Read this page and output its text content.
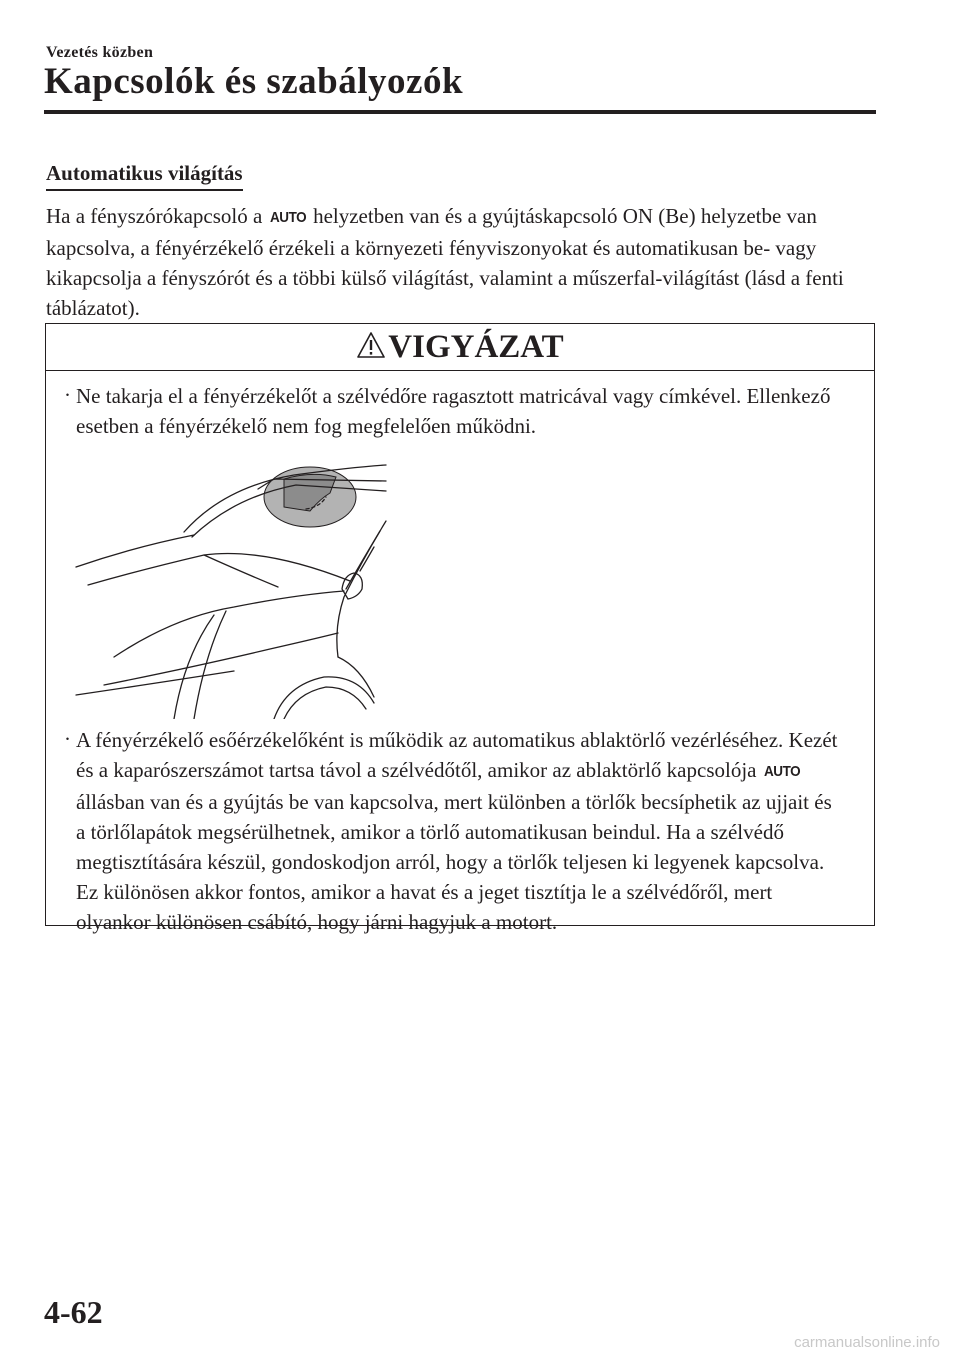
Vezetés közben
Kapcsolók és szabályozók
Automatikus világítás

Ha a fényszórókapcsoló a AUTO helyzetben van és a gyújtáskapcsoló ON (Be) helyzetbe van kapcsolva, a fényérzékelő érzékeli a környezeti fényviszonyokat és automatikusan be- vagy kikapcsolja a fényszórót és a többi külső világítást, valamint a műszerfal-világítást (lásd a fenti táblázatot).

VIGYÁZAT

· Ne takarja el a fényérzékelőt a szélvédőre ragasztott matricával vagy címkével. Ellenkező esetben a fényérzékelő nem fog megfelelően működni.

· A fényérzékelő esőérzékelőként is működik az automatikus ablaktörlő vezérléséhez. Kezét és a kaparószerszámot tartsa távol a szélvédőtől, amikor az ablaktörlő kapcsolója AUTO állásban van és a gyújtás be van kapcsolva, mert különben a törlők becsíphetik az ujjait és a törlőlapátok megsérülhetnek, amikor a törlő automatikusan beindul. Ha a szélvédő megtisztítására készül, gondoskodjon arról, hogy a törlők teljesen ki legyenek kapcsolva. Ez különösen akkor fontos, amikor a havat és a jeget tisztítja le a szélvédőről, mert olyankor különösen csábító, hogy járni hagyjuk a motort.

4-62
carmanualsonline.info
